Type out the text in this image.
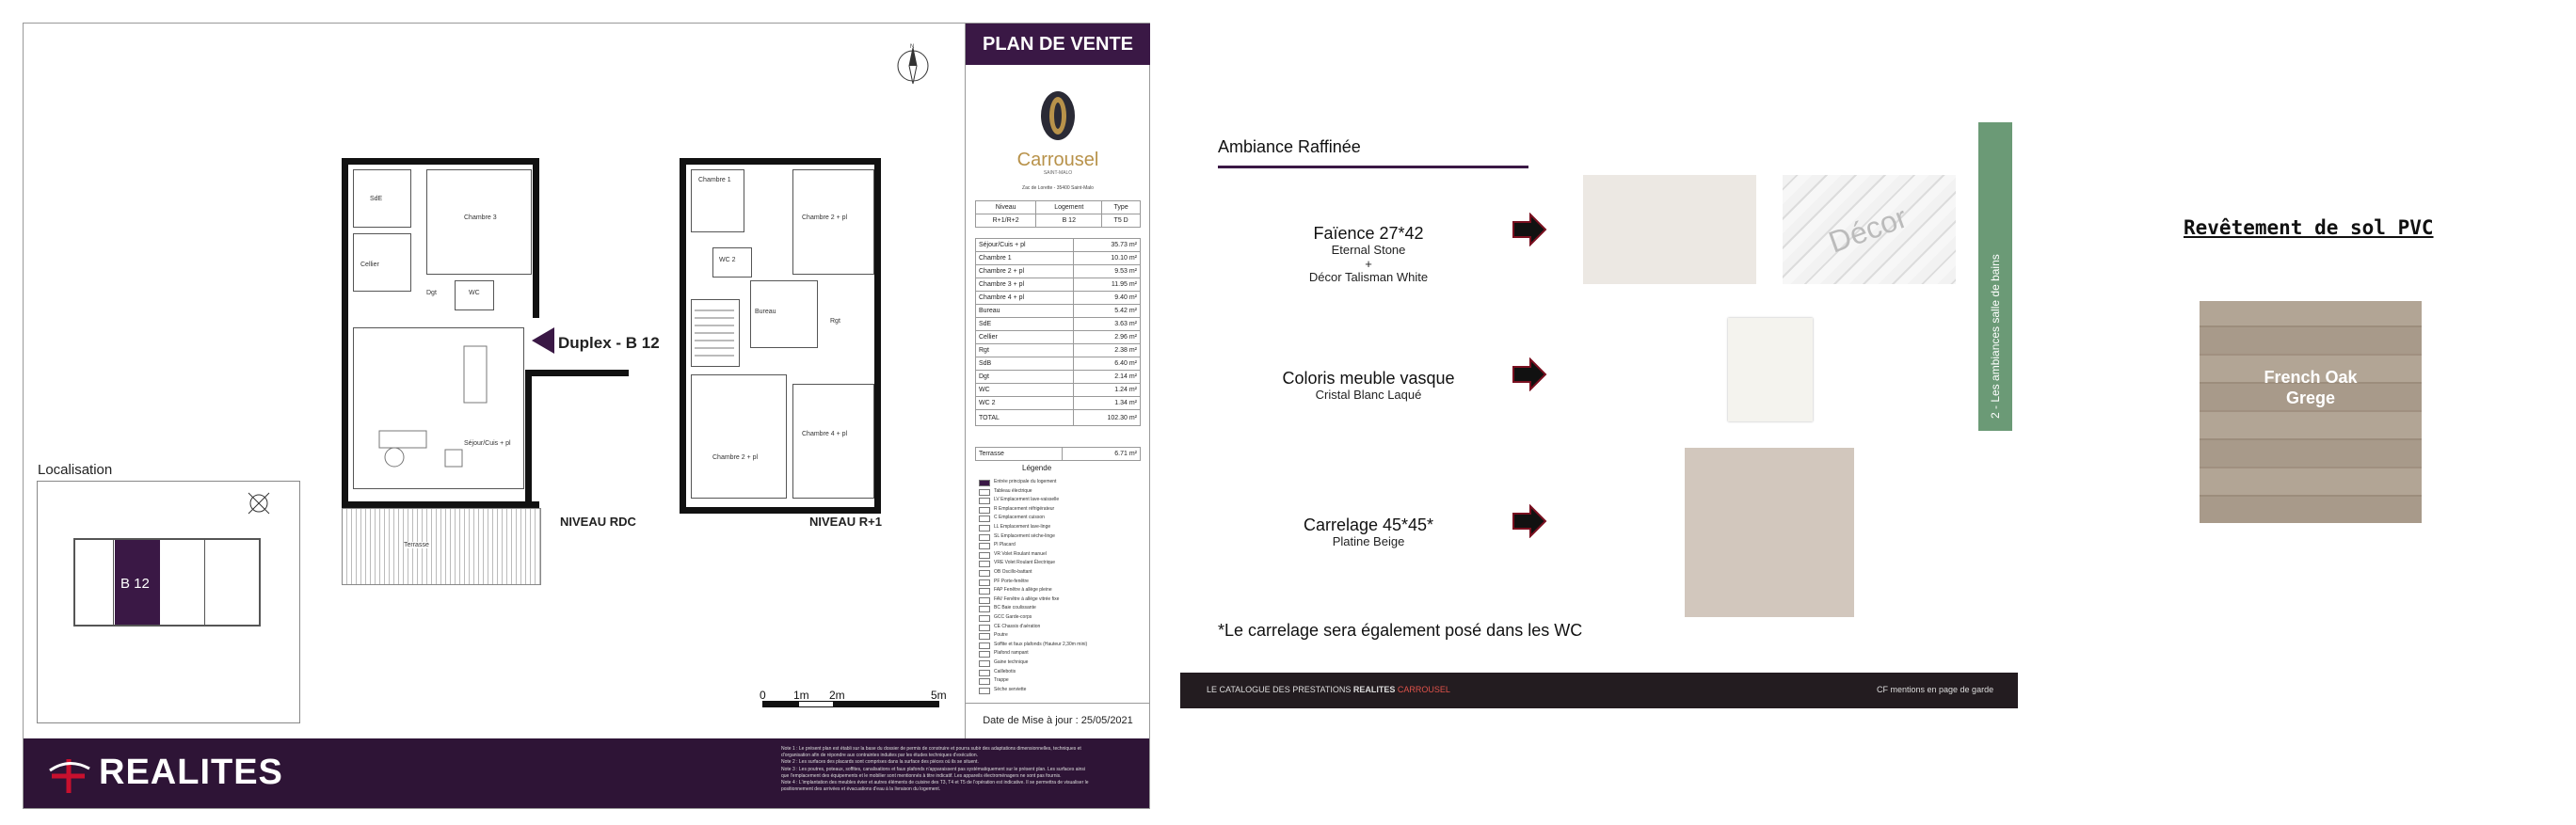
N
SdE
Chambre 3
Cellier
Dgt	WC
Séjour/Cuis + pl
Terrasse
Duplex - B 12
NIVEAU RDC
Chambre 2 + pl
WC 2
Bureau
Rgt
Chambre 1
Chambre 4 + pl
Chambre 2 + pl
NIVEAU R+1
Localisation
B 12
0 1m 2m	5m
PLAN DE VENTE
Carrousel
SAINT-MALO
Zac de Lorette - 35400 Saint-Malo
Niveau	Logement	Type
R+1/R+2	B 12	T5 D
Séjour/Cuis + pl	35.73 m²
Chambre 1	10.10 m²
Chambre 2 + pl	9.53 m²
Chambre 3 + pl	11.95 m²
Chambre 4 + pl	9.40 m²
Bureau	5.42 m²
SdE	3.63 m²
Cellier	2.96 m²
Rgt	2.38 m²
SdB	6.40 m²
Dgt	2.14 m²
WC	1.24 m²
WC 2	1.34 m²
TOTAL	102.30 m²
Terrasse	6.71 m²
Légende
Date de Mise à jour : 25/05/2021
Entrée principale du logement
Tableau électrique
LV Emplacement lave-vaisselle
R Emplacement réfrigérateur
C Emplacement cuisson
LL Emplacement lave-linge
SL Emplacement sèche-linge
Pl Placard
VR Volet Roulant manuel
VRE Volet Roulant Électrique
OB Oscillo-battant
PF Porte-fenêtre
FAP Fenêtre à allège pleine
FAV Fenêtre à allège vitrée fixe
BC Baie coulissante
GCC Garde-corps
CE Chassis d'aération
Poutre
Soffite et faux plafonds (Hauteur 2,30m mini)
Plafond rampant
Gaine technique
Caillebotis
Trappe
Sèche serviette
REALITES
Note 1 : Le présent plan est établi sur la base du dossier de permis de construire et pourra subir des adaptations dimensionnelles, techniques et
d'organisation afin de répondre aux contraintes induites par les études techniques d'exécution.
Note 2 : Les surfaces des placards sont comprises dans la surface des pièces où ils se situent.
Note 3 : Les poutres, poteaux, soffites, canalisations et faux plafonds n'apparaissent pas systématiquement sur le présent plan. Les surfaces ainsi
que l'emplacement des équipements et le mobilier sont mentionnés à titre indicatif. Les appareils électroménagers ne sont pas fournis.
Note 4 : L'implantation des meubles évier et autres éléments de cuisine des T3, T4 et T5 de l'opération est indicative. Il se permettra de visualiser le
positionnement des arrivées et évacuations d'eau à la livraison du logement.
Ambiance Raffinée
Faïence 27*42
Eternal Stone
+
Décor Talisman White
Décor
Coloris meuble vasque
Cristal Blanc Laqué
Carrelage 45*45*
Platine Beige
2 - Les ambiances salle de bains
*Le carrelage sera également posé dans les WC
LE CATALOGUE DES PRESTATIONS REALITES CARROUSEL	CF mentions en page de garde
Revêtement de sol PVC
French Oak
Grege
